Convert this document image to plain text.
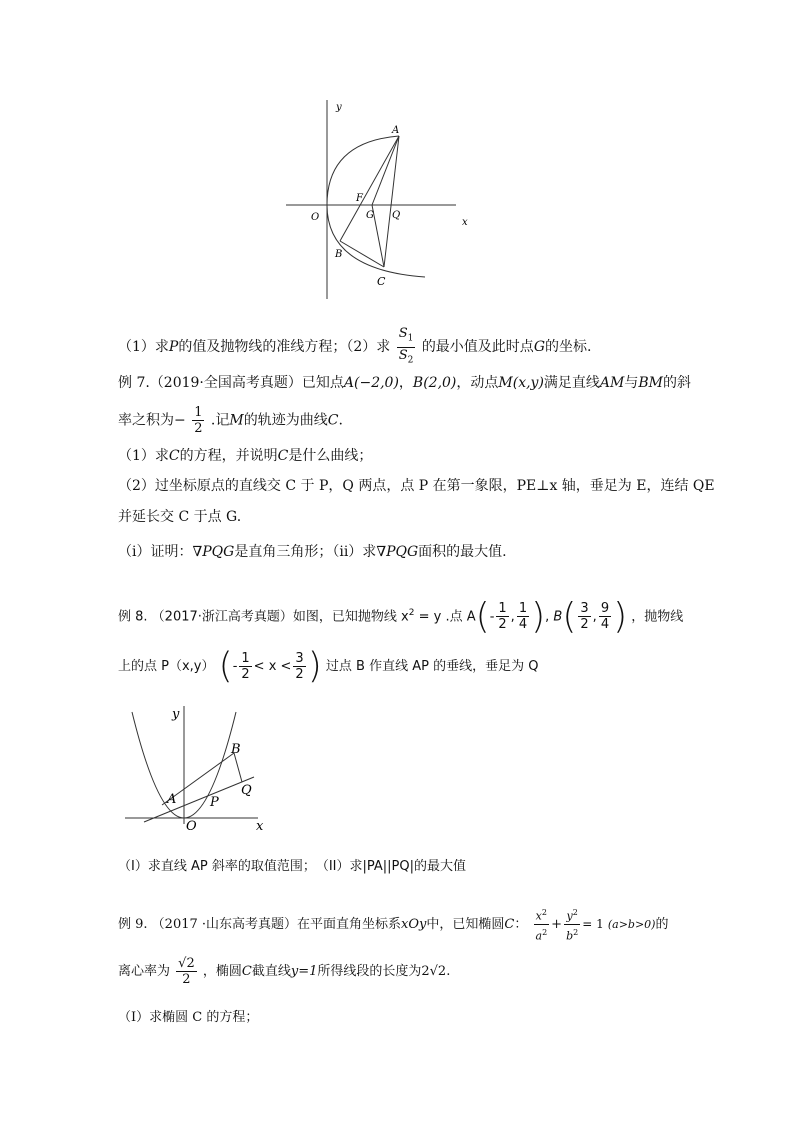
y
A
F
O	G Q
x
B
C
（1）求P的值及抛物线的准线方程；（2）求 $\frac{S_1}{S_2}$ 的最小值及此时点G的坐标.
例 7.（2019·全国高考真题）已知点A(−2,0)，B(2,0)，动点M(x,y)满足直线AM与BM的斜
率之积为− $\frac{1}{2}$ .记M的轨迹为曲线C.
（1）求C的方程，并说明C是什么曲线；
（2）过坐标原点的直线交 C 于 P，Q 两点，点 P 在第一象限，PE⊥x 轴，垂足为 E，连结 QE
并延长交 C 于点 G.
（i）证明：∇PQG是直角三角形；（ii）求∇PQG面积的最大值.
例 8. （2017·浙江高考真题）如图，已知抛物线 $x^2 = y$ .点 $A(- \frac{1}{2}$ , $\frac{1}{4}$ ), $B( \frac{3}{2}$ , $\frac{9}{4}$ ) ，抛物线
上的点 P（x,y） (- $\frac{1}{2} < x < \frac{3}{2}$ ) 过点 B 作直线 AP 的垂线，垂足为 Q
y
B
Q
A	P
O	x
（I）求直线 AP 斜率的取值范围；　（II）求|PA||PQ|的最大值
例 9. （2017 ·山东高考真题）在平面直角坐标系xOy中，已知椭圆C： $\frac{x^2}{a^2} + \frac{y^2}{b^2} = 1$ (a>b>0)的
离心率为 $\frac{√2}{2}$ ，椭圆C截直线y=1所得线段的长度为2√2.
（Ⅰ）求椭圆 C 的方程；
